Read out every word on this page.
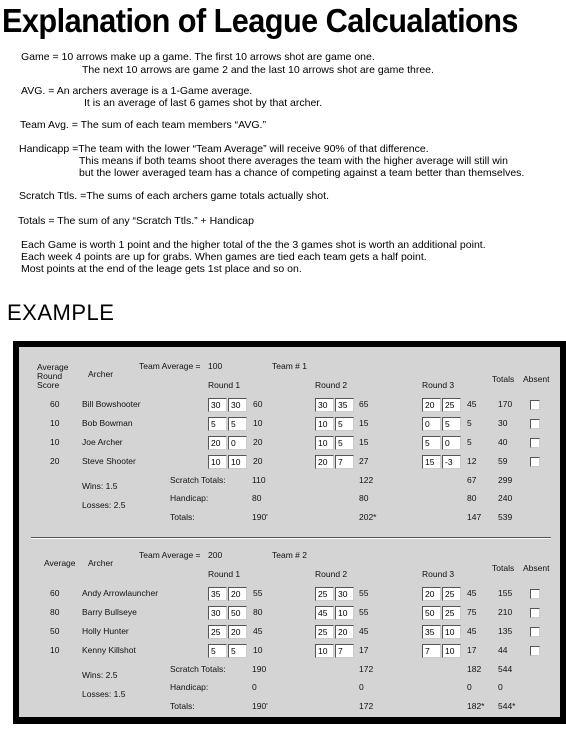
Explanation of League Calcualations
Game = 10 arrows make up a game. The first 10 arrows shot are game one.
The next 10 arrows are game 2 and the last 10 arrows shot are game three.
AVG. = An archers average is a 1-Game average.
It is an average of last 6 games shot by that archer.
Team Avg. = The sum of each team members “AVG.”
Handicapp =The team with the lower “Team Average” will receive 90% of that difference.
This means if both teams shoot there averages the team with the higher average will still win
but the lower averaged team has a chance of competing against a team better than themselves.
Scratch Ttls. =The sums of each archers game totals actually shot.
Totals = The sum of any “Scratch Ttls.” + Handicap
Each Game is worth 1 point and the higher total of the the 3 games shot is worth an additional point.
Each week 4 points are up for grabs. When games are tied each team gets a half point.
Most points at the end of the leage gets 1st place and so on.
EXAMPLE
Average
Round
Score
Archer
Team Average = 100	Team # 1
Round 1	Round 2	Round 3
Totals Absent
60	Bill Bowshooter	30 30	60	30 35	65	20 25	45	170
10	Bob Bowman	5 5	10	10 5	15	0 5	5	30
10	Joe Archer	20 0	20	10 5	15	5 0	5	40
20	Steve Shooter	10 10	20	20 7	27	15 -3	12	59
Wins: 1.5
Losses: 2.5
Scratch Totals:	110	122	67	299
Handicap:	80	80	80	240
Totals:	190'	202*	147 539
Average Archer
Team Average = 200	Team # 2
Round 1	Round 2	Round 3
Totals Absent
60	Andy Arrowlauncher	35 20	55	25 30	55	20 25	45	155
80	Barry Bullseye	30 50	80	45 10	55	50 25	75	210
50	Holly Hunter	25 20	45	25 20	45	35 10	45	135
10	Kenny Killshot	5 5	10	10 7	17	7 10	17	44
Wins: 2.5
Losses: 1.5
Scratch Totals:	190	172	182 544
Handicap:	0	0	0	0
Totals:	190'	172	182* 544*
